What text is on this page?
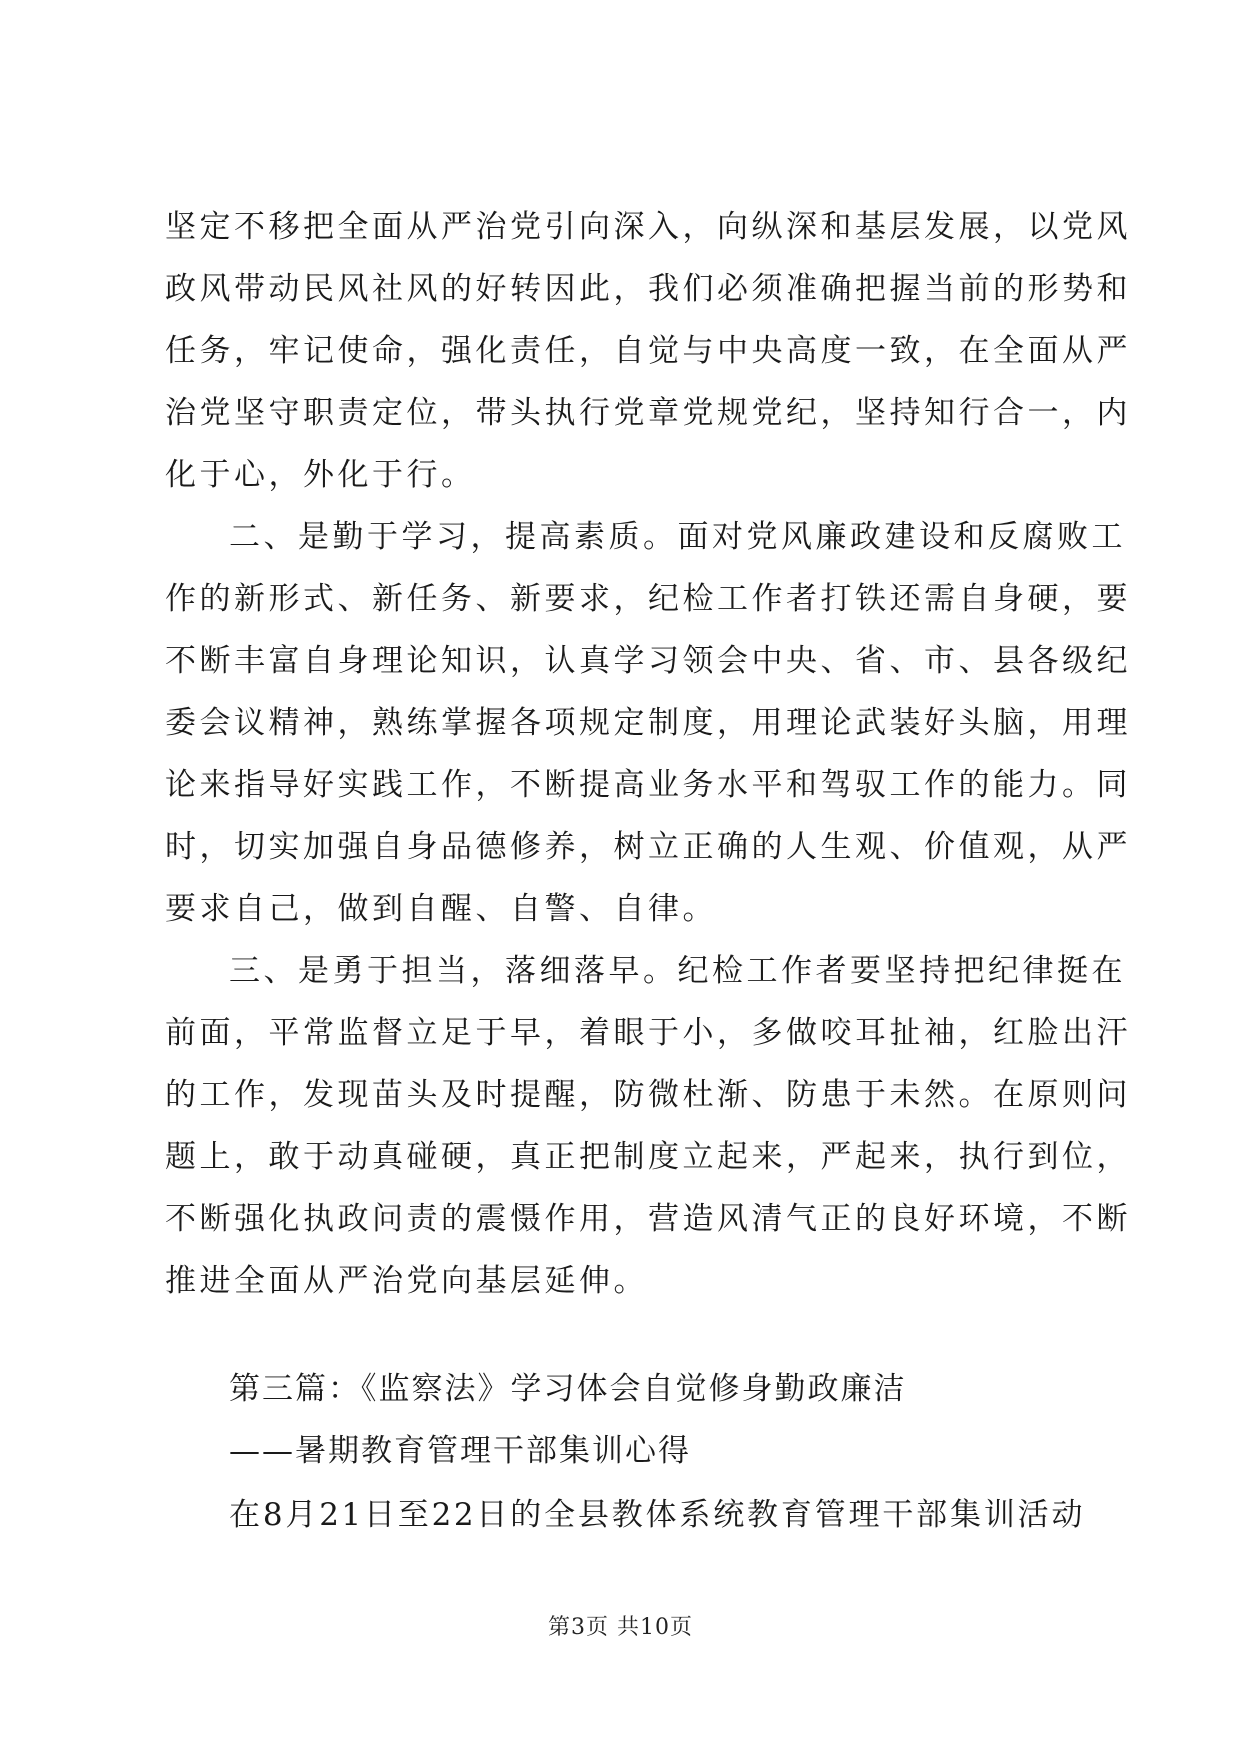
坚定不移把全面从严治党引向深入，向纵深和基层发展，以党风
政风带动民风社风的好转因此，我们必须准确把握当前的形势和
任务，牢记使命，强化责任，自觉与中央高度一致，在全面从严
治党坚守职责定位，带头执行党章党规党纪，坚持知行合一，内
化于心，外化于行。
二、是勤于学习，提高素质。面对党风廉政建设和反腐败工
作的新形式、新任务、新要求，纪检工作者打铁还需自身硬，要
不断丰富自身理论知识，认真学习领会中央、省、市、县各级纪
委会议精神，熟练掌握各项规定制度，用理论武装好头脑，用理
论来指导好实践工作，不断提高业务水平和驾驭工作的能力。同
时，切实加强自身品德修养，树立正确的人生观、价值观，从严
要求自己，做到自醒、自警、自律。
三、是勇于担当，落细落早。纪检工作者要坚持把纪律挺在
前面，平常监督立足于早，着眼于小，多做咬耳扯袖，红脸出汗
的工作，发现苗头及时提醒，防微杜渐、防患于未然。在原则问
题上，敢于动真碰硬，真正把制度立起来，严起来，执行到位，
不断强化执政问责的震慑作用，营造风清气正的良好环境，不断
推进全面从严治党向基层延伸。
第三篇：《监察法》学习体会自觉修身勤政廉洁
——暑期教育管理干部集训心得
在8月21日至22日的全县教体系统教育管理干部集训活动
第3页 共10页
